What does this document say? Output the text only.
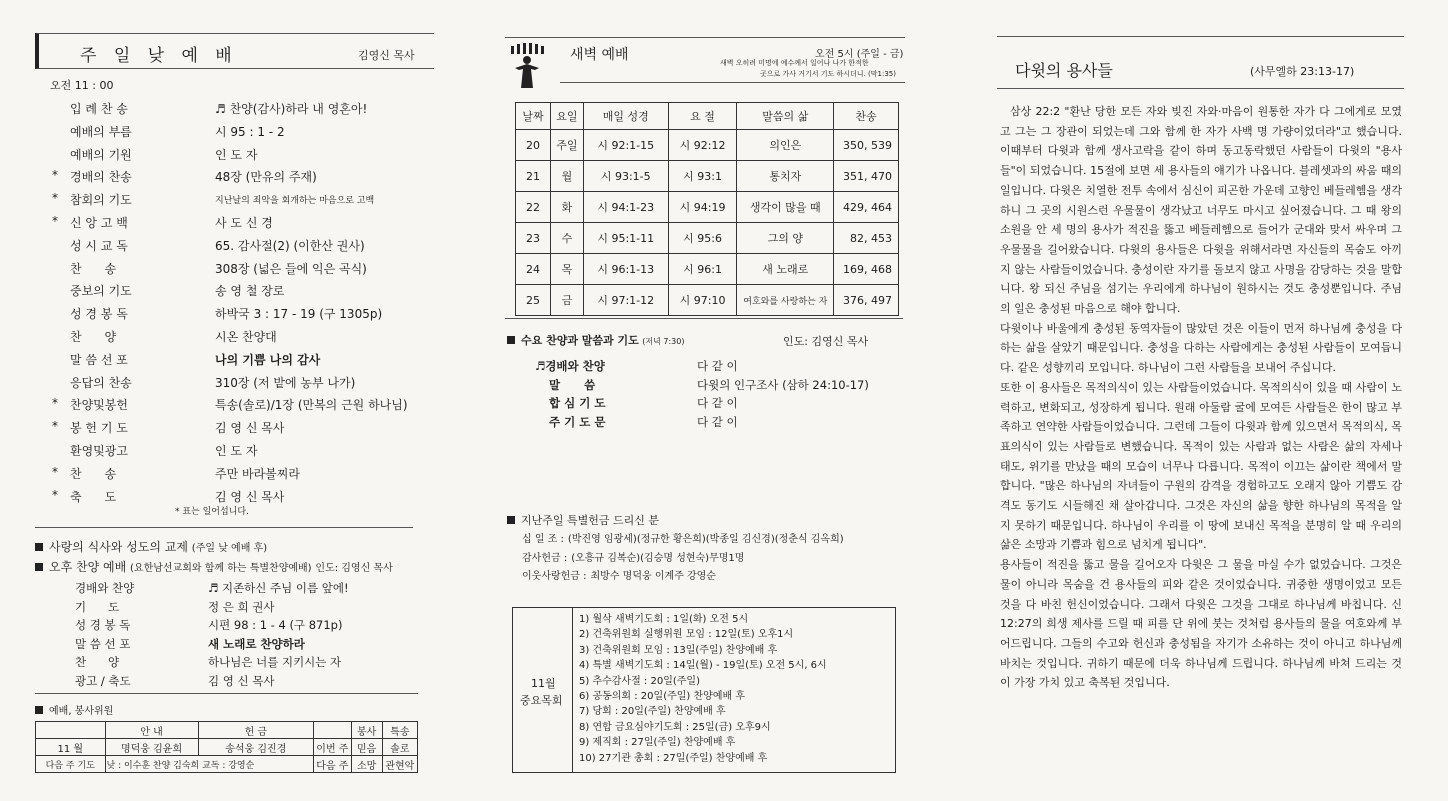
주 일 낮 예 배	김영신 목사
오전 11 : 00
입 례 찬 송	♬ 찬양(감사)하라 내 영혼아!
예배의 부름	시 95 : 1 - 2
예배의 기원	인 도 자
* 경배의 찬송	48장 (만유의 주재)
* 참회의 기도	지난날의 죄악을 회개하는 마음으로 고백
* 신 앙 고 백	사 도 신 경
성 시 교 독	65. 감사절(2) (이한산 권사)
찬      송	308장 (넓은 들에 익은 곡식)
중보의 기도	송 영 철 장로
성 경 봉 독	하박국 3 : 17 - 19 (구 1305p)
찬      양	시온 찬양대
말 씀 선 포	나의 기쁨 나의 감사
응답의 찬송	310장 (저 밭에 농부 나가)
* 찬양및봉헌	특송(솔로)/1장 (만복의 근원 하나님)
* 봉 헌 기 도	김 영 신 목사
환영및광고	인 도 자
* 찬      송	주만 바라볼찌라
* 축      도	김 영 신 목사
* 표는 일어섭니다.
사랑의 식사와 성도의 교제 (주일 낮 예배 후)
오후 찬양 예배 (요한남선교회와 함께 하는 특별찬양예배) 인도: 김영신 목사
경배와 찬양	♬ 지존하신 주님 이름 앞에!
기      도	정 은 희 권사
성 경 봉 독	시편 98 : 1 - 4 (구 871p)
말 씀 선 포	새 노래로 찬양하라
찬      양	하나님은 너를 지키시는 자
광고 / 축도	김 영 신 목사
예배, 봉사위원
	안 내	헌 금		봉사	특송
11 월	명덕웅 김윤희	송석웅 김진경	이번 주	믿음	솔로
다음 주 기도	낮 : 이수훈 찬양 김숙희 교독 : 강영순		다음 주	소망	관현악
새벽 예배	오전 5시 (주일 - 금)
새벽 오히려 미명에 예수께서 일어나 나가 한적한
곳으로 가사 거기서 기도 하시더니. (막1:35)
날짜	요일	매일 성경	요 절	말씀의 삶	찬송
20	주일	시 92:1-15	시 92:12	의인은	350, 539
21	월	시 93:1-5	시 93:1	통치자	351, 470
22	화	시 94:1-23	시 94:19	생각이 많을 때	429, 464
23	수	시 95:1-11	시 95:6	그의 양	82, 453
24	목	시 96:1-13	시 96:1	새 노래로	169, 468
25	금	시 97:1-12	시 97:10	여호와를 사랑하는 자	376, 497
수요 찬양과 말씀과 기도 (저녁 7:30)	인도: 김영신 목사
♬경배와 찬양	다 같 이
말      씀	다윗의 인구조사 (삼하 24:10-17)
합 심 기 도	다 같 이
주 기 도 문	다 같 이
지난주일 특별헌금 드리신 분
십 일 조 : (박진영 임광세)(정규한 황은희)(박종일 김신경)(정춘식 김옥희)
감사헌금 : (오흥규 김복순)(김승명 성현숙)무명1명
이웃사랑헌금 : 최방수 명덕웅 이계주 강영순
11월
중요목회
1) 월삭 새벽기도회 : 1일(화) 오전 5시
2) 건축위원회 실행위원 모임 : 12일(토) 오후1시
3) 건축위원회 모임 : 13일(주일) 찬양예배 후
4) 특별 새벽기도회 : 14일(월) - 19일(토) 오전 5시, 6시
5) 추수감사절 : 20일(주일)
6) 공동의회 : 20일(주일) 찬양예배 후
7) 당회 : 20일(주일) 찬양예배 후
8) 연합 금요심야기도회 : 25일(금) 오후9시
9) 제직회 : 27일(주일) 찬양예배 후
10) 27기관 총회 : 27일(주일) 찬양예배 후
다윗의 용사들	(사무엘하 23:13-17)
삼상 22:2 "환난 당한 모든 자와 빚진 자와·마음이 원통한 자가 다 그에게로 모였고 그는 그 장관이 되었는데 그와 함께 한 자가 사백 명 가량이었더라"고 했습니다. 이때부터 다윗과 함께 생사고락을 같이 하며 동고동락했던 사람들이 다윗의 "용사들"이 되었습니다. 15절에 보면 세 용사들의 얘기가 나옵니다. 블레셋과의 싸움 때의 일입니다. 다윗은 치열한 전투 속에서 심신이 피곤한 가운데 고향인 베들레헴을 생각하니 그 곳의 시원스런 우물물이 생각났고 너무도 마시고 싶어졌습니다. 그 때 왕의 소원을 안 세 명의 용사가 적진을 뚫고 베들레헴으로 들어가 군대와 맞서 싸우며 그 우물물을 길어왔습니다. 다윗의 용사들은 다윗을 위해서라면 자신들의 목숨도 아끼지 않는 사람들이었습니다. 충성이란 자기를 돌보지 않고 사명을 감당하는 것을 말합니다. 왕 되신 주님을 섬기는 우리에게 하나님이 원하시는 것도 충성뿐입니다. 주님의 일은 충성된 마음으로 해야 합니다.
다윗이나 바울에게 충성된 동역자들이 많았던 것은 이들이 먼저 하나님께 충성을 다하는 삶을 살았기 때문입니다. 충성을 다하는 사람에게는 충성된 사람들이 모여듭니다. 같은 성향끼리 모입니다. 하나님이 그런 사람들을 보내어 주십니다.
또한 이 용사들은 목적의식이 있는 사람들이었습니다. 목적의식이 있을 때 사람이 노력하고, 변화되고, 성장하게 됩니다. 원래 아둘람 굴에 모여든 사람들은 한이 많고 부족하고 연약한 사람들이었습니다. 그런데 그들이 다윗과 함께 있으면서 목적의식, 목표의식이 있는 사람들로 변했습니다. 목적이 있는 사람과 없는 사람은 삶의 자세나 태도, 위기를 만났을 때의 모습이 너무나 다릅니다. 목적이 이끄는 삶이란 책에서 말합니다. "많은 하나님의 자녀들이 구원의 감격을 경험하고도 오래지 않아 기쁨도 감격도 동기도 시들해진 채 살아갑니다. 그것은 자신의 삶을 향한 하나님의 목적을 알지 못하기 때문입니다. 하나님이 우리를 이 땅에 보내신 목적을 분명히 알 때 우리의 삶은 소망과 기쁨과 힘으로 넘치게 됩니다".
용사들이 적진을 뚫고 물을 길어오자 다윗은 그 물을 마실 수가 없었습니다. 그것은 물이 아니라 목숨을 건 용사들의 피와 같은 것이었습니다. 귀중한 생명이었고 모든 것을 다 바친 헌신이었습니다. 그래서 다윗은 그것을 그대로 하나님께 바칩니다. 신12:27의 희생 제사를 드릴 때 피를 단 위에 붓는 것처럼 용사들의 물을 여호와께 부어드립니다. 그들의 수고와 헌신과 충성됨을 자기가 소유하는 것이 아니고 하나님께 바치는 것입니다. 귀하기 때문에 더욱 하나님께 드립니다. 하나님께 바쳐 드리는 것이 가장 가치 있고 축복된 것입니다.
